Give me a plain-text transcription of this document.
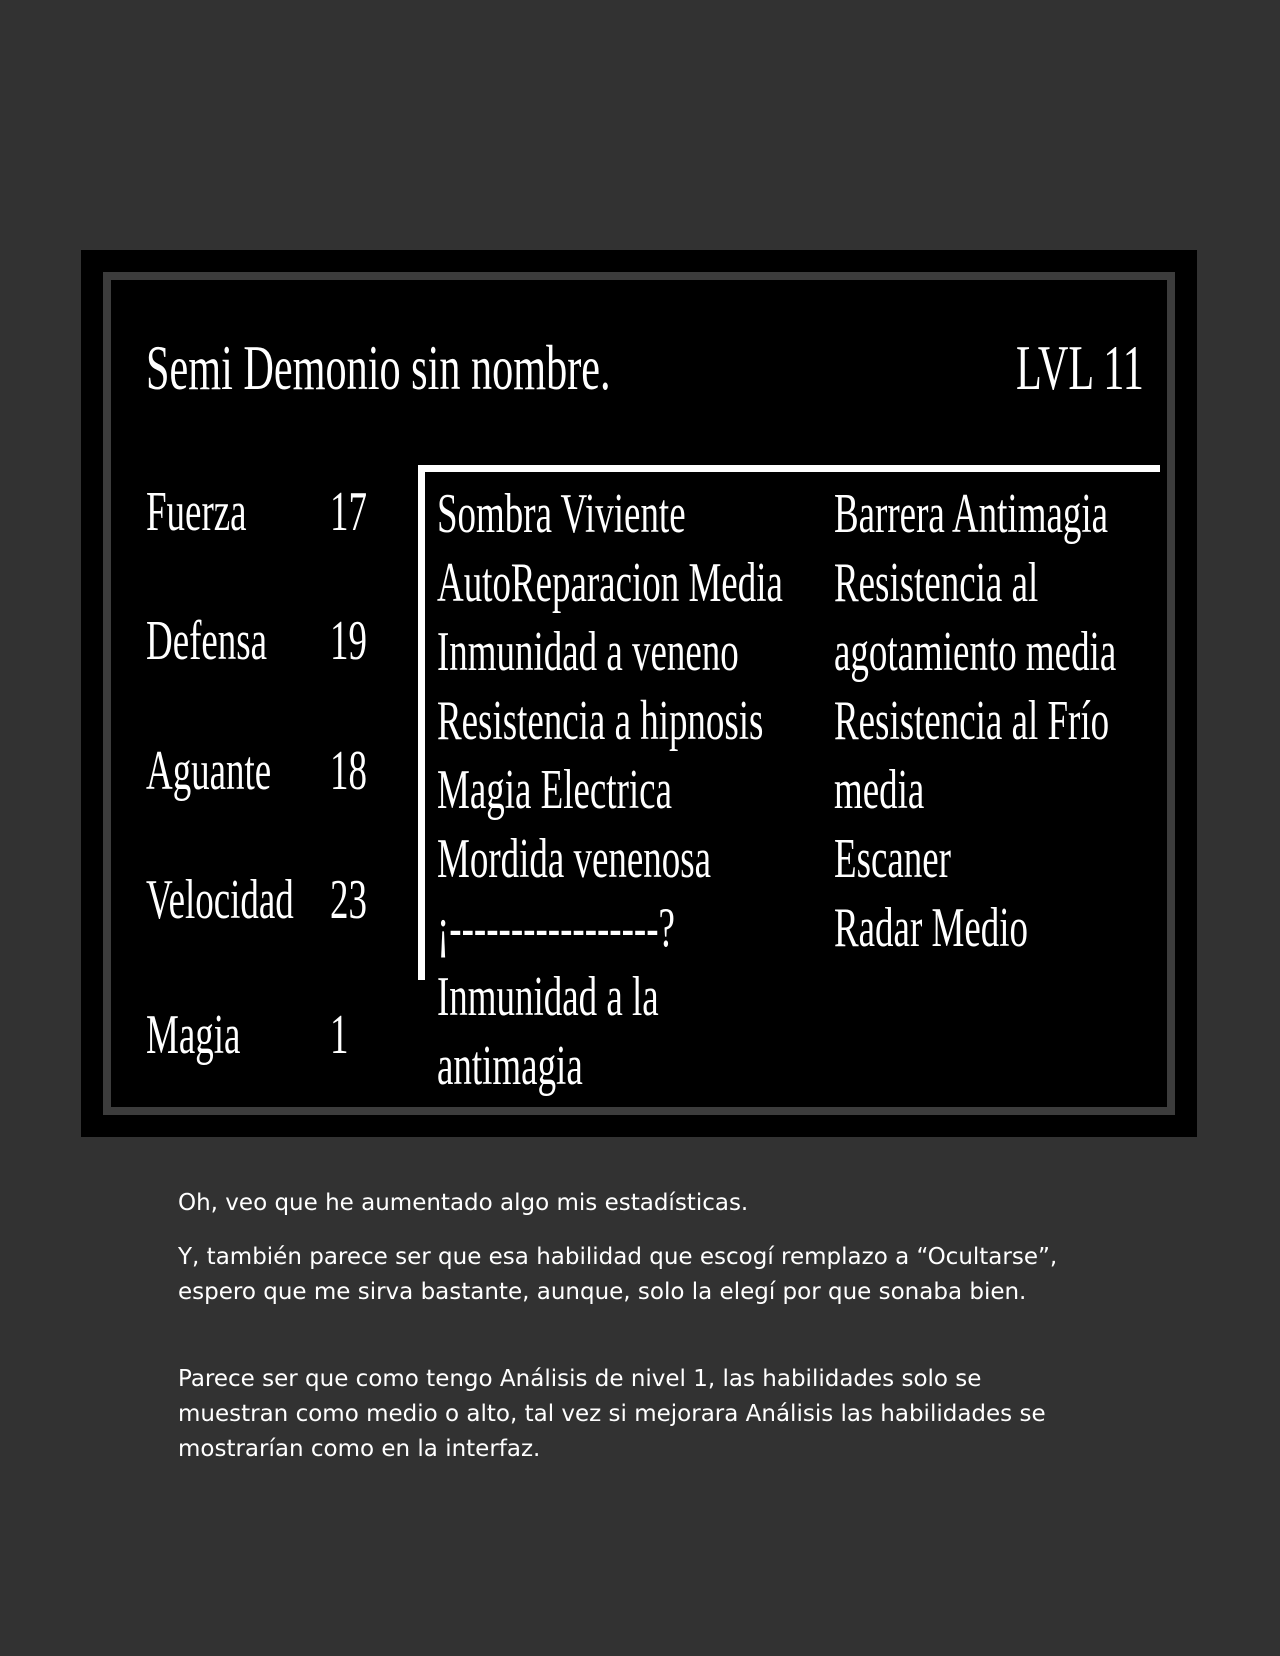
Semi Demonio sin nombre.	LVL 11
Fuerza 17
Defensa 19
Aguante 18
Velocidad 23
Magia 1
Sombra Viviente
AutoReparacion Media
Inmunidad a veneno
Resistencia a hipnosis
Magia Electrica
Mordida venenosa
¡-----------------?
Inmunidad a la
antimagia
Barrera Antimagia
Resistencia al
agotamiento media
Resistencia al Frío
media
Escaner
Radar Medio
Oh, veo que he aumentado algo mis estadísticas.
Y, también parece ser que esa habilidad que escogí remplazo a “Ocultarse”, espero que me sirva bastante, aunque, solo la elegí por que sonaba bien.
Parece ser que como tengo Análisis de nivel 1, las habilidades solo se muestran como medio o alto, tal vez si mejorara Análisis las habilidades se mostrarían como en la interfaz.
